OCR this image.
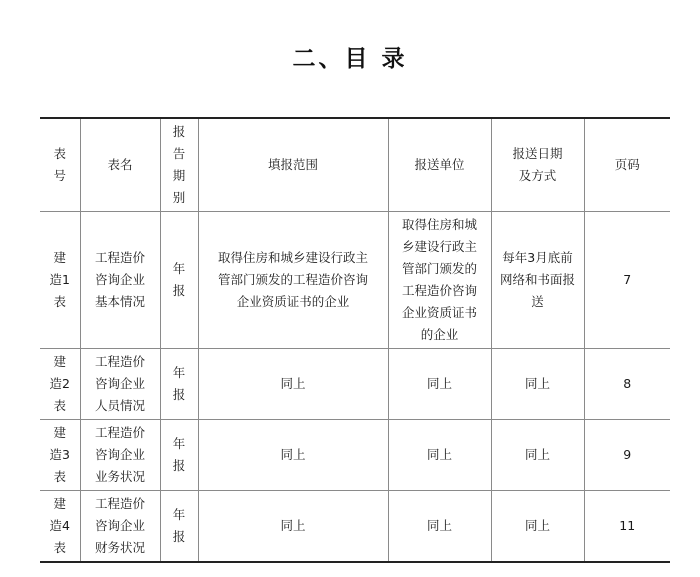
二、目 录
表号	表名	报告期别	填报范围	报送单位	报送日期及方式	页码
建造1表	工程造价咨询企业基本情况	年报	取得住房和城乡建设行政主管部门颁发的工程造价咨询企业资质证书的企业	取得住房和城乡建设行政主管部门颁发的工程造价咨询企业资质证书的企业	每年3月底前网络和书面报送	7
建造2表	工程造价咨询企业人员情况	年报	同上	同上	同上	8
建造3表	工程造价咨询企业业务状况	年报	同上	同上	同上	9
建造4表	工程造价咨询企业财务状况	年报	同上	同上	同上	11
